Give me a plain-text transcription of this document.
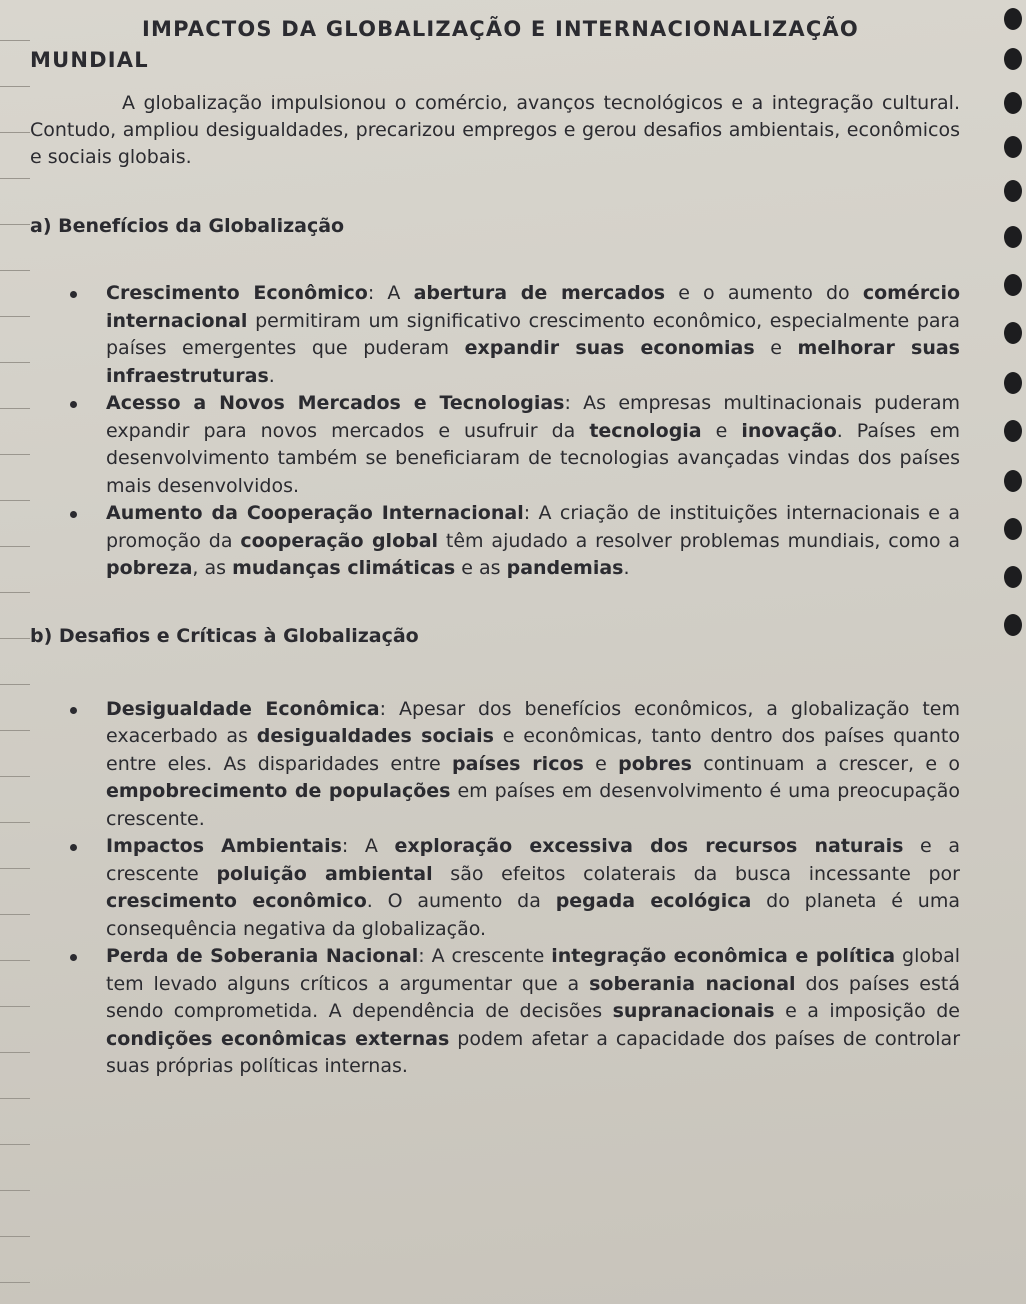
IMPACTOS DA GLOBALIZAÇÃO E INTERNACIONALIZAÇÃO
MUNDIAL

A globalização impulsionou o comércio, avanços tecnológicos e a integração cultural. Contudo, ampliou desigualdades, precarizou empregos e gerou desafios ambientais, econômicos e sociais globais.

a) Benefícios da Globalização
Crescimento Econômico: A abertura de mercados e o aumento do comércio internacional permitiram um significativo crescimento econômico, especialmente para países emergentes que puderam expandir suas economias e melhorar suas infraestruturas.
Acesso a Novos Mercados e Tecnologias: As empresas multinacionais puderam expandir para novos mercados e usufruir da tecnologia e inovação. Países em desenvolvimento também se beneficiaram de tecnologias avançadas vindas dos países mais desenvolvidos.
Aumento da Cooperação Internacional: A criação de instituições internacionais e a promoção da cooperação global têm ajudado a resolver problemas mundiais, como a pobreza, as mudanças climáticas e as pandemias.
b) Desafios e Críticas à Globalização
Desigualdade Econômica: Apesar dos benefícios econômicos, a globalização tem exacerbado as desigualdades sociais e econômicas, tanto dentro dos países quanto entre eles. As disparidades entre países ricos e pobres continuam a crescer, e o empobrecimento de populações em países em desenvolvimento é uma preocupação crescente.
Impactos Ambientais: A exploração excessiva dos recursos naturais e a crescente poluição ambiental são efeitos colaterais da busca incessante por crescimento econômico. O aumento da pegada ecológica do planeta é uma consequência negativa da globalização.
Perda de Soberania Nacional: A crescente integração econômica e política global tem levado alguns críticos a argumentar que a soberania nacional dos países está sendo comprometida. A dependência de decisões supranacionais e a imposição de condições econômicas externas podem afetar a capacidade dos países de controlar suas próprias políticas internas.
